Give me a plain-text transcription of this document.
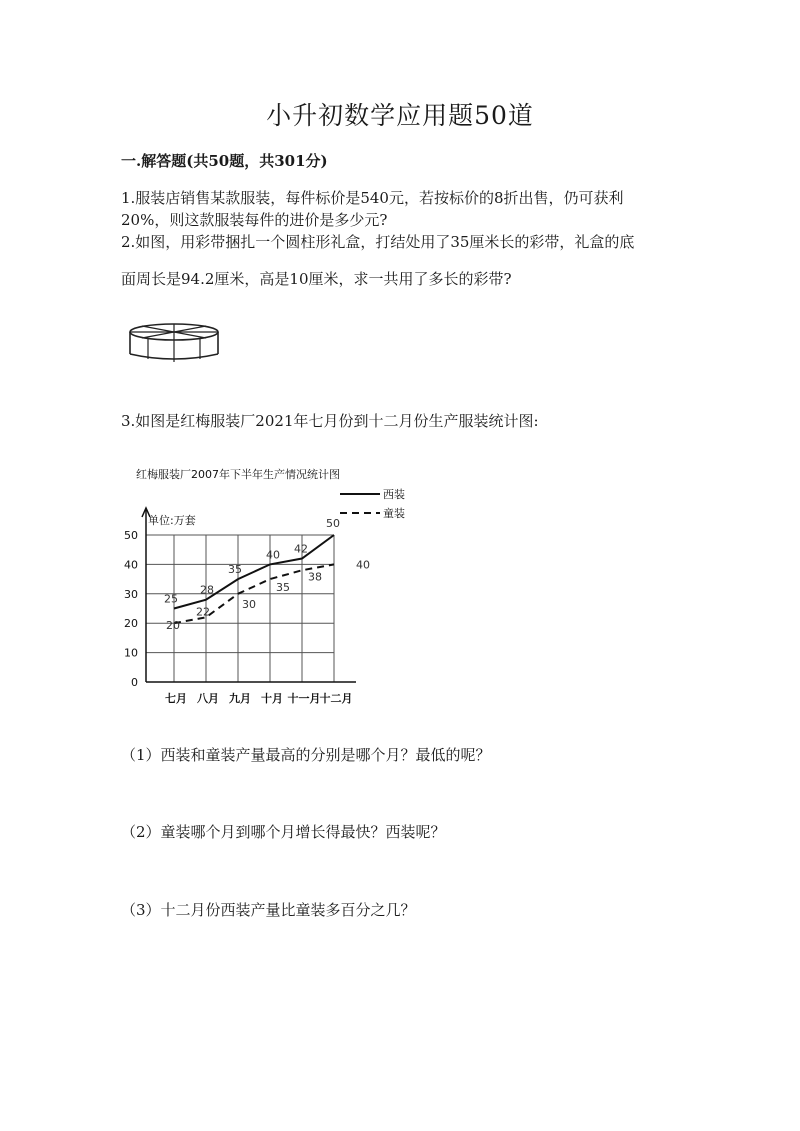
小升初数学应用题50道
一.解答题(共50题，共301分)
1.服装店销售某款服装，每件标价是540元，若按标价的8折出售，仍可获利
20%，则这款服装每件的进价是多少元?
2.如图，用彩带捆扎一个圆柱形礼盒，打结处用了35厘米长的彩带，礼盒的底
面周长是94.2厘米，高是10厘米，求一共用了多长的彩带?
3.如图是红梅服装厂2021年七月份到十二月份生产服装统计图:
红梅服装厂2007年下半年生产情况统计图
单位:万套
0
10
20
30
40
50
七月 八月 九月 十月 十一月 十二月
25
28
35
40 42
50
西装
20
22
30
35
38
40
童装
（1）西装和童装产量最高的分别是哪个月？最低的呢？
（2）童装哪个月到哪个月增长得最快？西装呢？
（3）十二月份西装产量比童装多百分之几？
